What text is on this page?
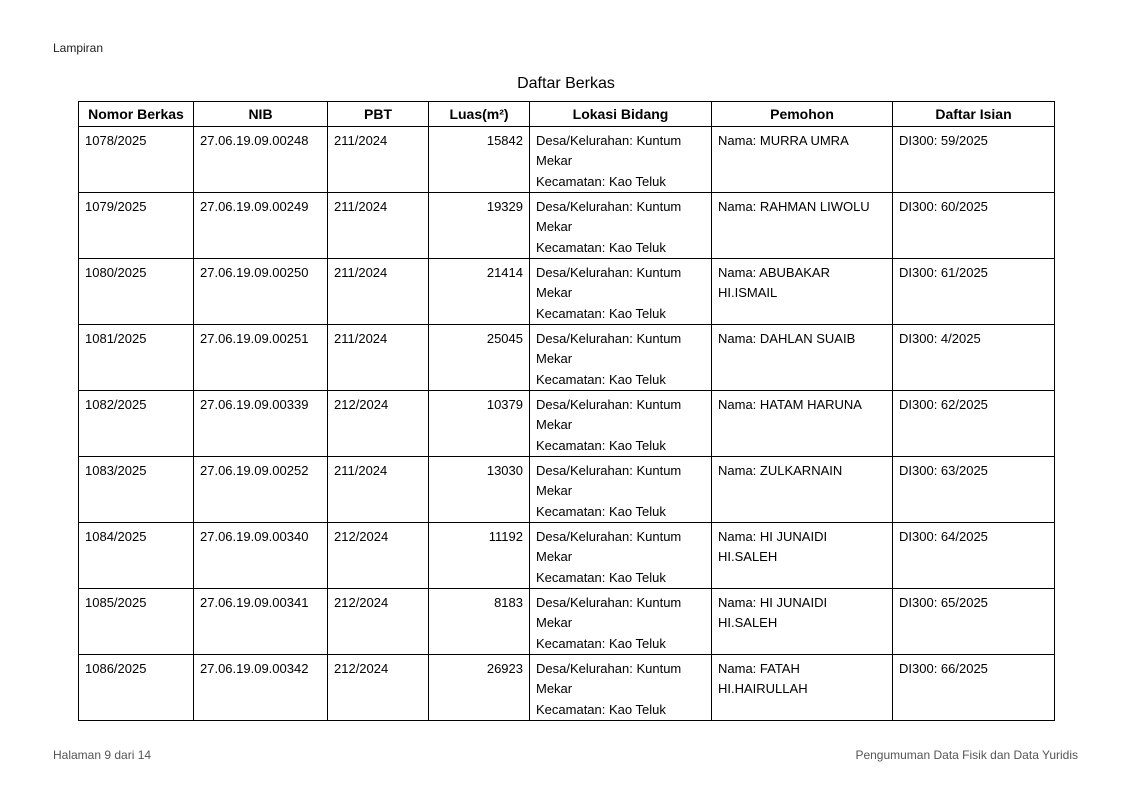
Lampiran
Daftar Berkas
Nomor Berkas	NIB	PBT	Luas(m²)	Lokasi Bidang	Pemohon	Daftar Isian
1078/2025	27.06.19.09.00248	211/2024	15842	Desa/Kelurahan: Kuntum Mekar
Kecamatan: Kao Teluk	Nama: MURRA UMRA	DI300: 59/2025
1079/2025	27.06.19.09.00249	211/2024	19329	Desa/Kelurahan: Kuntum Mekar
Kecamatan: Kao Teluk	Nama: RAHMAN LIWOLU	DI300: 60/2025
1080/2025	27.06.19.09.00250	211/2024	21414	Desa/Kelurahan: Kuntum Mekar
Kecamatan: Kao Teluk	Nama: ABUBAKAR HI.ISMAIL	DI300: 61/2025
1081/2025	27.06.19.09.00251	211/2024	25045	Desa/Kelurahan: Kuntum Mekar
Kecamatan: Kao Teluk	Nama: DAHLAN SUAIB	DI300: 4/2025
1082/2025	27.06.19.09.00339	212/2024	10379	Desa/Kelurahan: Kuntum Mekar
Kecamatan: Kao Teluk	Nama: HATAM HARUNA	DI300: 62/2025
1083/2025	27.06.19.09.00252	211/2024	13030	Desa/Kelurahan: Kuntum Mekar
Kecamatan: Kao Teluk	Nama: ZULKARNAIN	DI300: 63/2025
1084/2025	27.06.19.09.00340	212/2024	11192	Desa/Kelurahan: Kuntum Mekar
Kecamatan: Kao Teluk	Nama: HI JUNAIDI HI.SALEH	DI300: 64/2025
1085/2025	27.06.19.09.00341	212/2024	8183	Desa/Kelurahan: Kuntum Mekar
Kecamatan: Kao Teluk	Nama: HI JUNAIDI HI.SALEH	DI300: 65/2025
1086/2025	27.06.19.09.00342	212/2024	26923	Desa/Kelurahan: Kuntum Mekar
Kecamatan: Kao Teluk	Nama: FATAH HI.HAIRULLAH	DI300: 66/2025
Halaman 9 dari 14	Pengumuman Data Fisik dan Data Yuridis
